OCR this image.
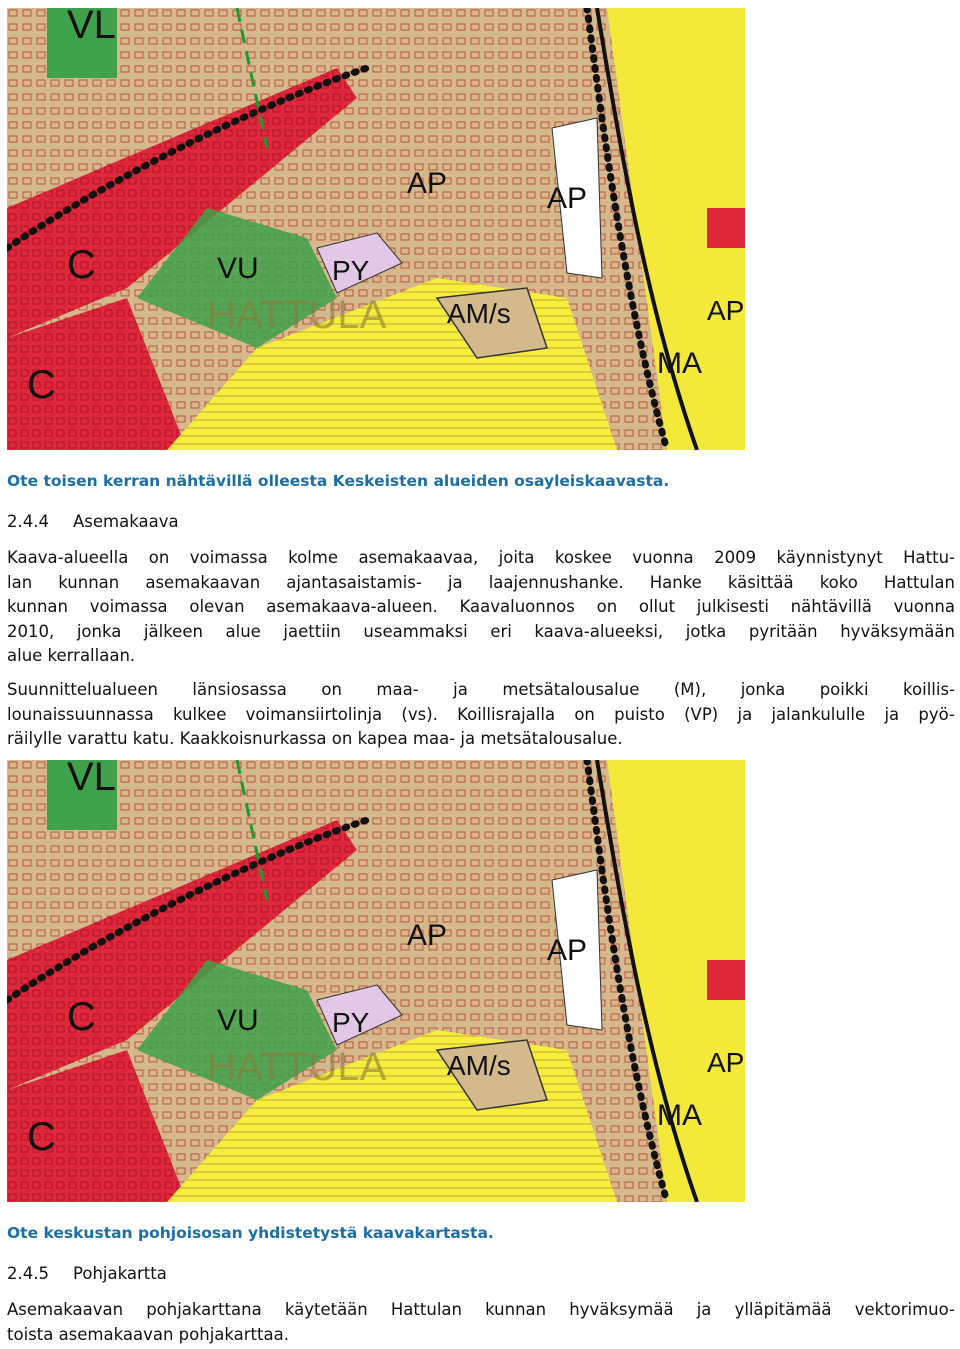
VL
AP	AP
VU	PY
AM/s
MA
AP
C
C
HATTULA
Ote toisen kerran nähtävillä olleesta Keskeisten alueiden osayleiskaavasta.
2.4.4 Asemakaava
Kaava-alueella on voimassa kolme asemakaavaa, joita koskee vuonna 2009 käynnistynyt Hattu-
lan kunnan asemakaavan ajantasaistamis- ja laajennushanke. Hanke käsittää koko Hattulan
kunnan voimassa olevan asemakaava-alueen. Kaavaluonnos on ollut julkisesti nähtävillä vuonna
2010, jonka jälkeen alue jaettiin useammaksi eri kaava-alueeksi, jotka pyritään hyväksymään
alue kerrallaan.
Suunnittelualueen länsiosassa on maa- ja metsätalousalue (M), jonka poikki koillis-
lounaissuunnassa kulkee voimansiirtolinja (vs). Koillisrajalla on puisto (VP) ja jalankululle ja pyö-
räilylle varattu katu. Kaakkoisnurkassa on kapea maa- ja metsätalousalue.
VL
AP	AP
VU	PY
AM/s
MA
AP
C
C
HATTULA
Ote keskustan pohjoisosan yhdistetystä kaavakartasta.
2.4.5 Pohjakartta
Asemakaavan pohjakarttana käytetään Hattulan kunnan hyväksymää ja ylläpitämää vektorimuo-
toista asemakaavan pohjakarttaa.
